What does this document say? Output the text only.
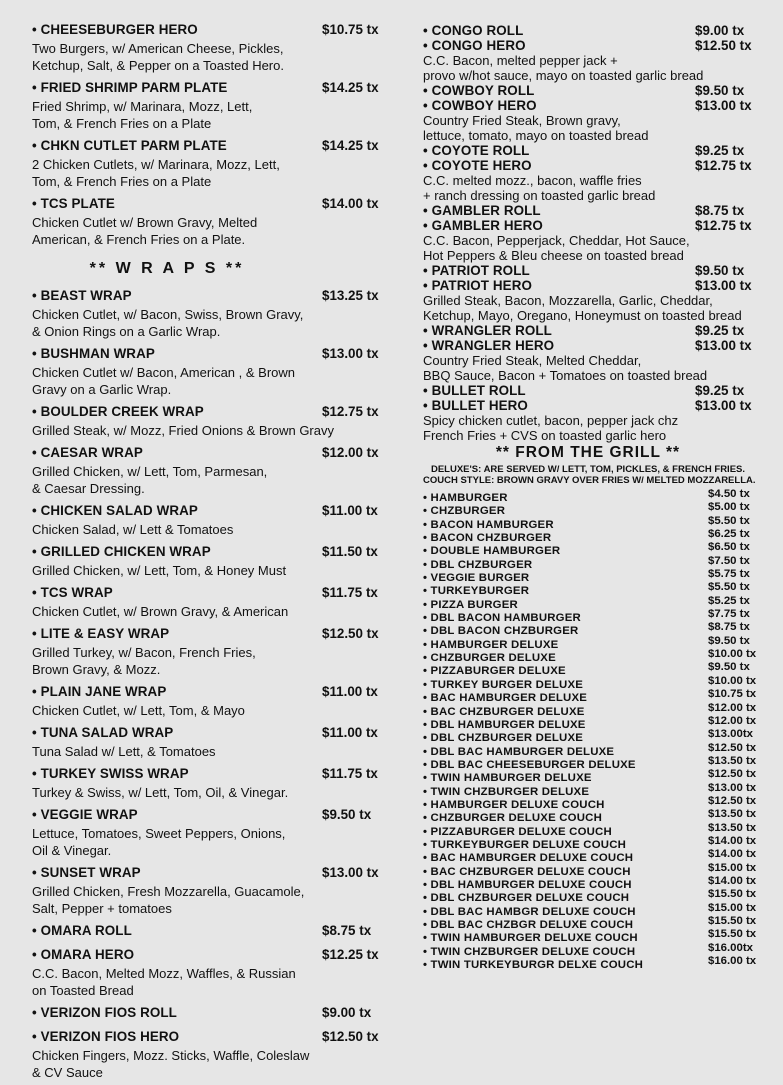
• CHEESEBURGER HERO	$10.75 tx
Two Burgers, w/ American Cheese, Pickles,
Ketchup, Salt, & Pepper on a Toasted Hero.
• FRIED SHRIMP PARM PLATE	$14.25 tx
Fried Shrimp, w/ Marinara, Mozz, Lett,
Tom, & French Fries on a Plate
• CHKN CUTLET PARM PLATE	$14.25 tx
2 Chicken Cutlets, w/ Marinara, Mozz, Lett,
Tom, & French Fries on a Plate
• TCS PLATE	$14.00 tx
Chicken Cutlet w/ Brown Gravy, Melted
American, & French Fries on a Plate.
** W R A P S **
• BEAST WRAP	$13.25 tx
Chicken Cutlet, w/ Bacon, Swiss, Brown Gravy,
& Onion Rings on a Garlic Wrap.
• BUSHMAN WRAP	$13.00 tx
Chicken Cutlet w/ Bacon, American , & Brown
Gravy on a Garlic Wrap.
• BOULDER CREEK WRAP	$12.75 tx
Grilled Steak, w/ Mozz, Fried Onions & Brown Gravy
• CAESAR WRAP	$12.00 tx
Grilled Chicken, w/ Lett, Tom, Parmesan,
& Caesar Dressing.
• CHICKEN SALAD WRAP	$11.00 tx
Chicken Salad, w/ Lett & Tomatoes
• GRILLED CHICKEN WRAP	$11.50 tx
Grilled Chicken, w/ Lett, Tom, & Honey Must
• TCS WRAP	$11.75 tx
Chicken Cutlet, w/ Brown Gravy, & American
• LITE & EASY WRAP	$12.50 tx
Grilled Turkey, w/ Bacon, French Fries,
Brown Gravy, & Mozz.
• PLAIN JANE WRAP	$11.00 tx
Chicken Cutlet, w/ Lett, Tom, & Mayo
• TUNA SALAD WRAP	$11.00 tx
Tuna Salad w/ Lett, & Tomatoes
• TURKEY SWISS WRAP	$11.75 tx
Turkey & Swiss, w/ Lett, Tom, Oil, & Vinegar.
• VEGGIE WRAP	$9.50 tx
Lettuce, Tomatoes, Sweet Peppers, Onions,
Oil & Vinegar.
• SUNSET WRAP	$13.00 tx
Grilled Chicken, Fresh Mozzarella, Guacamole,
Salt, Pepper + tomatoes
• OMARA ROLL	$8.75 tx
• OMARA HERO	$12.25 tx
C.C. Bacon, Melted Mozz, Waffles, & Russian
on Toasted Bread
• VERIZON FIOS ROLL	$9.00 tx
• VERIZON FIOS HERO	$12.50 tx
Chicken Fingers, Mozz. Sticks, Waffle, Coleslaw
& CV Sauce
• CONGO ROLL	$9.00 tx
• CONGO HERO	$12.50 tx
C.C. Bacon, melted pepper jack +
provo w/hot sauce, mayo on toasted garlic bread
• COWBOY ROLL	$9.50 tx
• COWBOY HERO	$13.00 tx
Country Fried Steak, Brown gravy,
lettuce, tomato, mayo on toasted bread
• COYOTE ROLL	$9.25 tx
• COYOTE HERO	$12.75 tx
C.C. melted mozz., bacon, waffle fries
+ ranch dressing on toasted garlic bread
• GAMBLER ROLL	$8.75 tx
• GAMBLER HERO	$12.75 tx
C.C. Bacon, Pepperjack, Cheddar, Hot Sauce,
Hot Peppers & Bleu cheese on toasted bread
• PATRIOT ROLL	$9.50 tx
• PATRIOT HERO	$13.00 tx
Grilled Steak, Bacon, Mozzarella, Garlic, Cheddar,
Ketchup, Mayo, Oregano, Honeymust on toasted bread
• WRANGLER ROLL	$9.25 tx
• WRANGLER HERO	$13.00 tx
Country Fried Steak, Melted Cheddar,
BBQ Sauce, Bacon + Tomatoes on toasted bread
• BULLET ROLL	$9.25 tx
• BULLET HERO	$13.00 tx
Spicy chicken cutlet, bacon, pepper jack chz
French Fries + CVS on toasted garlic hero
** FROM THE GRILL **
DELUXE'S: ARE SERVED W/ LETT, TOM, PICKLES, & FRENCH FRIES.
COUCH STYLE: BROWN GRAVY OVER FRIES W/ MELTED MOZZARELLA.
• HAMBURGER	$4.50 tx
• CHZBURGER	$5.00 tx
• BACON HAMBURGER	$5.50 tx
• BACON CHZBURGER	$6.25 tx
• DOUBLE HAMBURGER	$6.50 tx
• DBL CHZBURGER	$7.50 tx
• VEGGIE BURGER	$5.75 tx
• TURKEYBURGER	$5.50 tx
• PIZZA BURGER	$5.25 tx
• DBL BACON HAMBURGER	$7.75 tx
• DBL BACON CHZBURGER	$8.75 tx
• HAMBURGER DELUXE	$9.50 tx
• CHZBURGER DELUXE	$10.00 tx
• PIZZABURGER DELUXE	$9.50 tx
• TURKEY BURGER DELUXE	$10.00 tx
• BAC HAMBURGER DELUXE	$10.75 tx
• BAC CHZBURGER DELUXE	$12.00 tx
• DBL HAMBURGER DELUXE	$12.00 tx
• DBL CHZBURGER DELUXE	$13.00tx
• DBL BAC HAMBURGER DELUXE	$12.50 tx
• DBL BAC CHEESEBURGER DELUXE	$13.50 tx
• TWIN HAMBURGER DELUXE	$12.50 tx
• TWIN CHZBURGER DELUXE	$13.00 tx
• HAMBURGER DELUXE COUCH	$12.50 tx
• CHZBURGER DELUXE COUCH	$13.50 tx
• PIZZABURGER DELUXE COUCH	$13.50 tx
• TURKEYBURGER DELUXE COUCH	$14.00 tx
• BAC HAMBURGER DELUXE COUCH	$14.00 tx
• BAC CHZBURGER DELUXE COUCH	$15.00 tx
• DBL HAMBURGER DELUXE COUCH	$14.00 tx
• DBL CHZBURGER DELUXE COUCH	$15.50 tx
• DBL BAC HAMBGR DELUXE COUCH	$15.00 tx
• DBL BAC CHZBGR DELUXE COUCH	$15.50 tx
• TWIN HAMBURGER DELUXE COUCH	$15.50 tx
• TWIN CHZBURGER DELUXE COUCH	$16.00tx
• TWIN TURKEYBURGR DELXE COUCH	$16.00 tx
